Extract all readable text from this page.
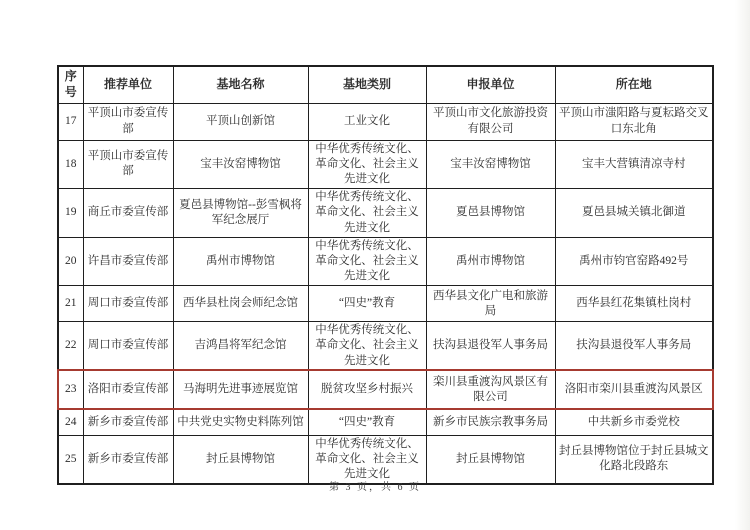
序号	推荐单位	基地名称	基地类别	申报单位	所在地
17	平顶山市委宣传部	平顶山创新馆	工业文化	平顶山市文化旅游投资有限公司	平顶山市滍阳路与夏耘路交叉口东北角
18	平顶山市委宣传部	宝丰汝窑博物馆	中华优秀传统文化、革命文化、社会主义先进文化	宝丰汝窑博物馆	宝丰大营镇清凉寺村
19	商丘市委宣传部	夏邑县博物馆--彭雪枫将军纪念展厅	中华优秀传统文化、革命文化、社会主义先进文化	夏邑县博物馆	夏邑县城关镇北御道
20	许昌市委宣传部	禹州市博物馆	中华优秀传统文化、革命文化、社会主义先进文化	禹州市博物馆	禹州市钧官窑路492号
21	周口市委宣传部	西华县杜岗会师纪念馆	“四史”教育	西华县文化广电和旅游局	西华县红花集镇杜岗村
22	周口市委宣传部	吉鸿昌将军纪念馆	中华优秀传统文化、革命文化、社会主义先进文化	扶沟县退役军人事务局	扶沟县退役军人事务局
23	洛阳市委宣传部	马海明先进事迹展览馆	脱贫攻坚乡村振兴	栾川县重渡沟风景区有限公司	洛阳市栾川县重渡沟风景区
24	新乡市委宣传部	中共党史实物史料陈列馆	“四史”教育	新乡市民族宗教事务局	中共新乡市委党校
25	新乡市委宣传部	封丘县博物馆	中华优秀传统文化、革命文化、社会主义先进文化	封丘县博物馆	封丘县博物馆位于封丘县城文化路北段路东
第 3 页，共 6 页
